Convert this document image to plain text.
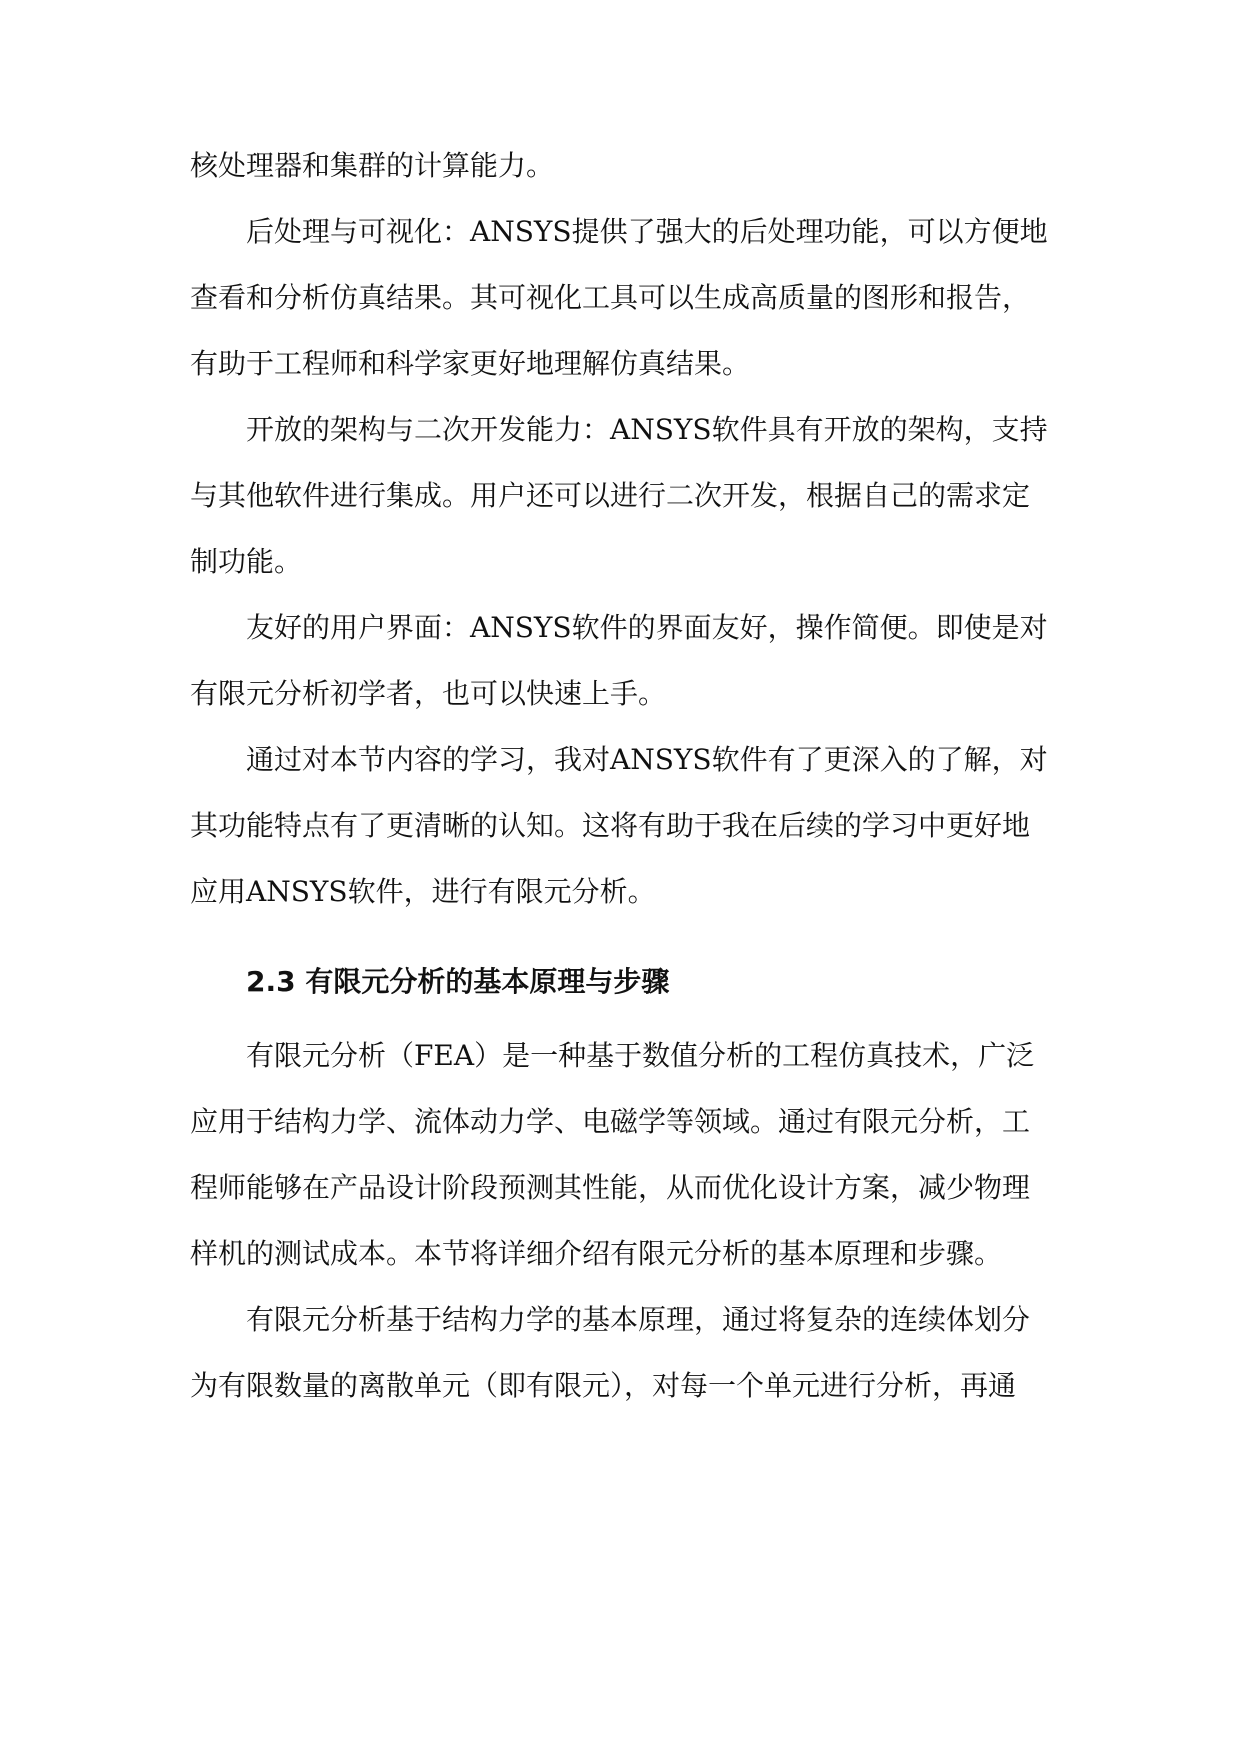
核处理器和集群的计算能力。
后处理与可视化：ANSYS提供了强大的后处理功能，可以方便地
查看和分析仿真结果。其可视化工具可以生成高质量的图形和报告，
有助于工程师和科学家更好地理解仿真结果。
开放的架构与二次开发能力：ANSYS软件具有开放的架构，支持
与其他软件进行集成。用户还可以进行二次开发，根据自己的需求定
制功能。
友好的用户界面：ANSYS软件的界面友好，操作简便。即使是对
有限元分析初学者，也可以快速上手。
通过对本节内容的学习，我对ANSYS软件有了更深入的了解，对
其功能特点有了更清晰的认知。这将有助于我在后续的学习中更好地
应用ANSYS软件，进行有限元分析。
2.3 有限元分析的基本原理与步骤
有限元分析（FEA）是一种基于数值分析的工程仿真技术，广泛
应用于结构力学、流体动力学、电磁学等领域。通过有限元分析，工
程师能够在产品设计阶段预测其性能，从而优化设计方案，减少物理
样机的测试成本。本节将详细介绍有限元分析的基本原理和步骤。
有限元分析基于结构力学的基本原理，通过将复杂的连续体划分
为有限数量的离散单元（即有限元），对每一个单元进行分析，再通
